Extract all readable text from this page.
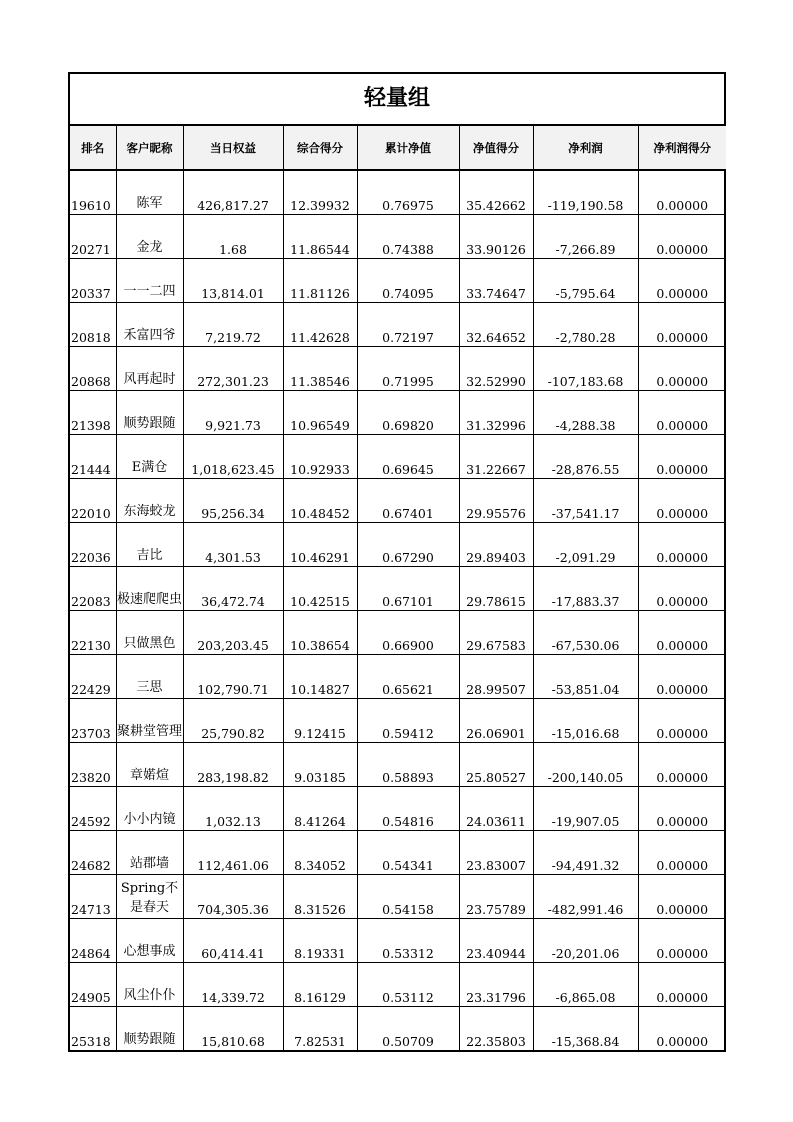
轻量组
排名	客户昵称	当日权益	综合得分	累计净值	净值得分	净利润	净利润得分
19610	陈军	426,817.27	12.39932	0.76975	35.42662	-119,190.58	0.00000
20271	金龙	1.68	11.86544	0.74388	33.90126	-7,266.89	0.00000
20337	一一二四	13,814.01	11.81126	0.74095	33.74647	-5,795.64	0.00000
20818	禾富四爷	7,219.72	11.42628	0.72197	32.64652	-2,780.28	0.00000
20868	风再起时	272,301.23	11.38546	0.71995	32.52990	-107,183.68	0.00000
21398	顺势跟随	9,921.73	10.96549	0.69820	31.32996	-4,288.38	0.00000
21444	E满仓	1,018,623.45	10.92933	0.69645	31.22667	-28,876.55	0.00000
22010	东海蛟龙	95,256.34	10.48452	0.67401	29.95576	-37,541.17	0.00000
22036	吉比	4,301.53	10.46291	0.67290	29.89403	-2,091.29	0.00000
22083	极速爬爬虫	36,472.74	10.42515	0.67101	29.78615	-17,883.37	0.00000
22130	只做黑色	203,203.45	10.38654	0.66900	29.67583	-67,530.06	0.00000
22429	三思	102,790.71	10.14827	0.65621	28.99507	-53,851.04	0.00000
23703	聚耕堂管理	25,790.82	9.12415	0.59412	26.06901	-15,016.68	0.00000
23820	章婼煊	283,198.82	9.03185	0.58893	25.80527	-200,140.05	0.00000
24592	小小内镜	1,032.13	8.41264	0.54816	24.03611	-19,907.05	0.00000
24682	站郡墙	112,461.06	8.34052	0.54341	23.83007	-94,491.32	0.00000
24713	Spring不是春天	704,305.36	8.31526	0.54158	23.75789	-482,991.46	0.00000
24864	心想事成	60,414.41	8.19331	0.53312	23.40944	-20,201.06	0.00000
24905	风尘仆仆	14,339.72	8.16129	0.53112	23.31796	-6,865.08	0.00000
25318	顺势跟随	15,810.68	7.82531	0.50709	22.35803	-15,368.84	0.00000
